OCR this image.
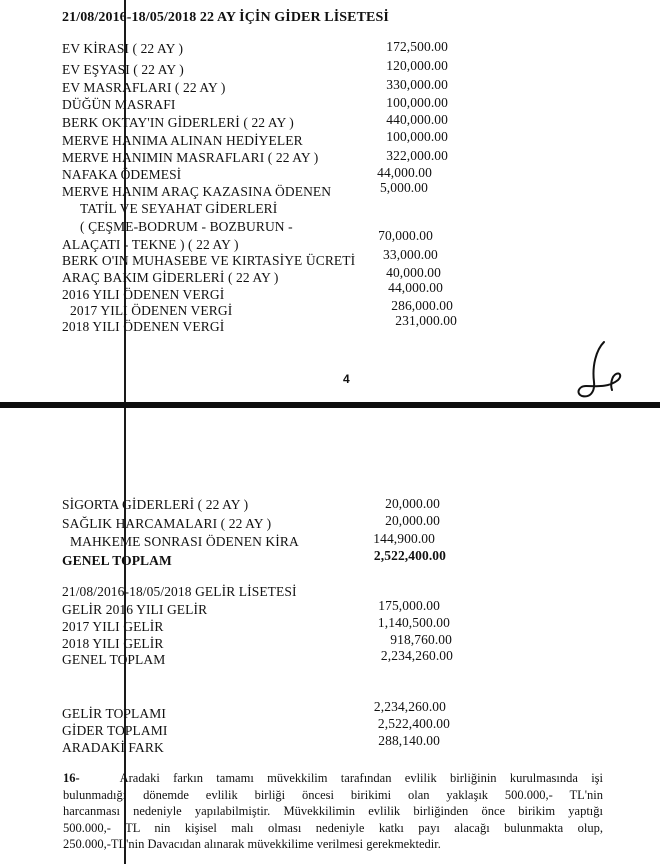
21/08/2016-18/05/2018 22 AY İÇİN GİDER LİSETESİ
EV KİRASI ( 22 AY )	172,500.00
EV EŞYASI ( 22 AY )	120,000.00
EV MASRAFLARI ( 22 AY )	330,000.00
DÜĞÜN MASRAFI	100,000.00
BERK OKTAY'IN GİDERLERİ ( 22 AY )	440,000.00
MERVE HANIMA ALINAN HEDİYELER	100,000.00
MERVE HANIMIN MASRAFLARI ( 22 AY )	322,000.00
NAFAKA ÖDEMESİ	44,000.00
MERVE HANIM ARAÇ KAZASINA ÖDENEN	5,000.00
TATİL VE SEYAHAT GİDERLERİ
( ÇEŞME-BODRUM - BOZBURUN -
ALAÇATI - TEKNE ) ( 22 AY )
70,000.00
BERK O'IN MUHASEBE VE KIRTASİYE ÜCRETİ 33,000.00
ARAÇ BAKIM GİDERLERİ ( 22 AY )	40,000.00
2016 YILI ÖDENEN VERGİ	44,000.00
2017 YILI ÖDENEN VERGİ	286,000.00
2018 YILI ÖDENEN VERGİ	231,000.00
4
SİGORTA GİDERLERİ ( 22 AY )	20,000.00
SAĞLIK HARCAMALARI ( 22 AY )	20,000.00
MAHKEME SONRASI ÖDENEN KİRA	144,900.00
GENEL TOPLAM	2,522,400.00
21/08/2016-18/05/2018 GELİR LİSETESİ
GELİR 2016 YILI GELİR	175,000.00
2017 YILI GELİR	1,140,500.00
2018 YILI GELİR	918,760.00
GENEL TOPLAM	2,234,260.00
GELİR TOPLAMI	2,234,260.00
GİDER TOPLAMI	2,522,400.00
ARADAKİ FARK	288,140.00
16-	Aradaki farkın tamamı müvekkilim tarafından evlilik birliğinin kurulmasında işi
bulunmadığı dönemde evlilik birliği öncesi birikimi olan yaklaşık 500.000,- TL'nin
harcanması nedeniyle yapılabilmiştir. Müvekkilimin evlilik birliğinden önce birikim yaptığı
500.000,- TL nin kişisel malı olması nedeniyle katkı payı alacağı bulunmakta olup,
250.000,-TL'nin Davacıdan alınarak müvekkilime verilmesi gerekmektedir.
